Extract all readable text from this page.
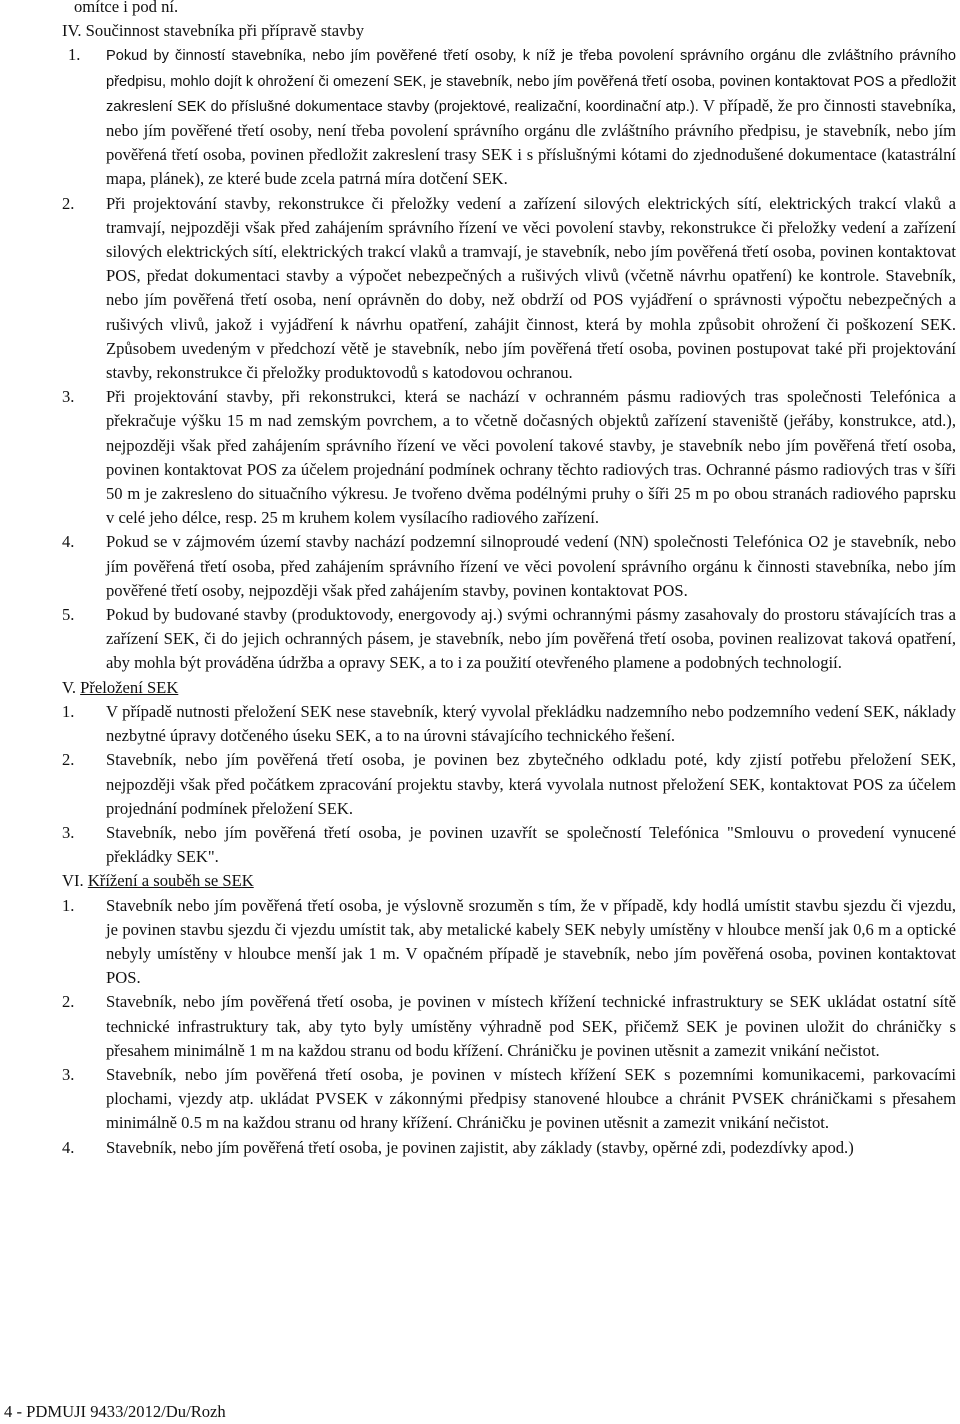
omítce i pod ní.
IV. Součinnost stavebníka při přípravě stavby
1.	Pokud by činností stavebníka, nebo jím pověřené třetí osoby, k níž je třeba povolení správního orgánu dle zvláštního právního předpisu, mohlo dojít k ohrožení či omezení SEK, je stavebník, nebo jím pověřená třetí osoba, povinen kontaktovat POS a předložit zakreslení SEK do příslušné dokumentace stavby (projektové, realizační, koordinační atp.). V případě, že pro činnosti stavebníka, nebo jím pověřené třetí osoby, není třeba povolení správního orgánu dle zvláštního právního předpisu, je stavebník, nebo jím pověřená třetí osoba, povinen předložit zakreslení trasy SEK i s příslušnými kótami do zjednodušené dokumentace (katastrální mapa, plánek), ze které bude zcela patrná míra dotčení SEK.
2.	Při projektování stavby, rekonstrukce či přeložky vedení a zařízení silových elektrických sítí, elektrických trakcí vlaků a tramvají, nejpozději však před zahájením správního řízení ve věci povolení stavby, rekonstrukce či přeložky vedení a zařízení silových elektrických sítí, elektrických trakcí vlaků a tramvají, je stavebník, nebo jím pověřená třetí osoba, povinen kontaktovat POS, předat dokumentaci stavby a výpočet nebezpečných a rušivých vlivů (včetně návrhu opatření) ke kontrole. Stavebník, nebo jím pověřená třetí osoba, není oprávněn do doby, než obdrží od POS vyjádření o správnosti výpočtu nebezpečných a rušivých vlivů, jakož i vyjádření k návrhu opatření, zahájit činnost, která by mohla způsobit ohrožení či poškození SEK. Způsobem uvedeným v předchozí větě je stavebník, nebo jím pověřená třetí osoba, povinen postupovat také při projektování stavby, rekonstrukce či přeložky produktovodů s katodovou ochranou.
3.	Při projektování stavby, při rekonstrukci, která se nachází v ochranném pásmu radiových tras společnosti Telefónica a překračuje výšku 15 m nad zemským povrchem, a to včetně dočasných objektů zařízení staveniště (jeřáby, konstrukce, atd.), nejpozději však před zahájením správního řízení ve věci povolení takové stavby, je stavebník nebo jím pověřená třetí osoba, povinen kontaktovat POS za účelem projednání podmínek ochrany těchto radiových tras. Ochranné pásmo radiových tras v šíři 50 m je zakresleno do situačního výkresu. Je tvořeno dvěma podélnými pruhy o šíři 25 m po obou stranách radiového paprsku v celé jeho délce, resp. 25 m kruhem kolem vysílacího radiového zařízení.
4.	Pokud se v zájmovém území stavby nachází podzemní silnoproudé vedení (NN) společnosti Telefónica O2 je stavebník, nebo jím pověřená třetí osoba, před zahájením správního řízení ve věci povolení správního orgánu k činnosti stavebníka, nebo jím pověřené třetí osoby, nejpozději však před zahájením stavby, povinen kontaktovat POS.
5.	Pokud by budované stavby (produktovody, energovody aj.) svými ochrannými pásmy zasahovaly do prostoru stávajících tras a zařízení SEK, či do jejich ochranných pásem, je stavebník, nebo jím pověřená třetí osoba, povinen realizovat taková opatření, aby mohla být prováděna údržba a opravy SEK, a to i za použití otevřeného plamene a podobných technologií.
V. Přeložení SEK
1.	V případě nutnosti přeložení SEK nese stavebník, který vyvolal překládku nadzemního nebo podzemního vedení SEK, náklady nezbytné úpravy dotčeného úseku SEK, a to na úrovni stávajícího technického řešení.
2.	Stavebník, nebo jím pověřená třetí osoba, je povinen bez zbytečného odkladu poté, kdy zjistí potřebu přeložení SEK, nejpozději však před počátkem zpracování projektu stavby, která vyvolala nutnost přeložení SEK, kontaktovat POS za účelem projednání podmínek přeložení SEK.
3.	Stavebník, nebo jím pověřená třetí osoba, je povinen uzavřít se společností Telefónica "Smlouvu o provedení vynucené překládky SEK".
VI. Křížení a souběh se SEK
1.	Stavebník nebo jím pověřená třetí osoba, je výslovně srozuměn s tím, že v případě, kdy hodlá umístit stavbu sjezdu či vjezdu, je povinen stavbu sjezdu či vjezdu umístit tak, aby metalické kabely SEK nebyly umístěny v hloubce menší jak 0,6 m a optické nebyly umístěny v hloubce menší jak 1 m. V opačném případě je stavebník, nebo jím pověřená osoba, povinen kontaktovat POS.
2.	Stavebník, nebo jím pověřená třetí osoba, je povinen v místech křížení technické infrastruktury se SEK ukládat ostatní sítě technické infrastruktury tak, aby tyto byly umístěny výhradně pod SEK, přičemž SEK je povinen uložit do chráničky s přesahem minimálně 1 m na každou stranu od bodu křížení. Chráničku je povinen utěsnit a zamezit vnikání nečistot.
3.	Stavebník, nebo jím pověřená třetí osoba, je povinen v místech křížení SEK s pozemními komunikacemi, parkovacími plochami, vjezdy atp. ukládat PVSEK v zákonnými předpisy stanovené hloubce a chránit PVSEK chráničkami s přesahem minimálně 0.5 m na každou stranu od hrany křížení. Chráničku je povinen utěsnit a zamezit vnikání nečistot.
4.	Stavebník, nebo jím pověřená třetí osoba, je povinen zajistit, aby základy (stavby, opěrné zdi, podezdívky apod.)
4 - PDMUJI 9433/2012/Du/Rozh
